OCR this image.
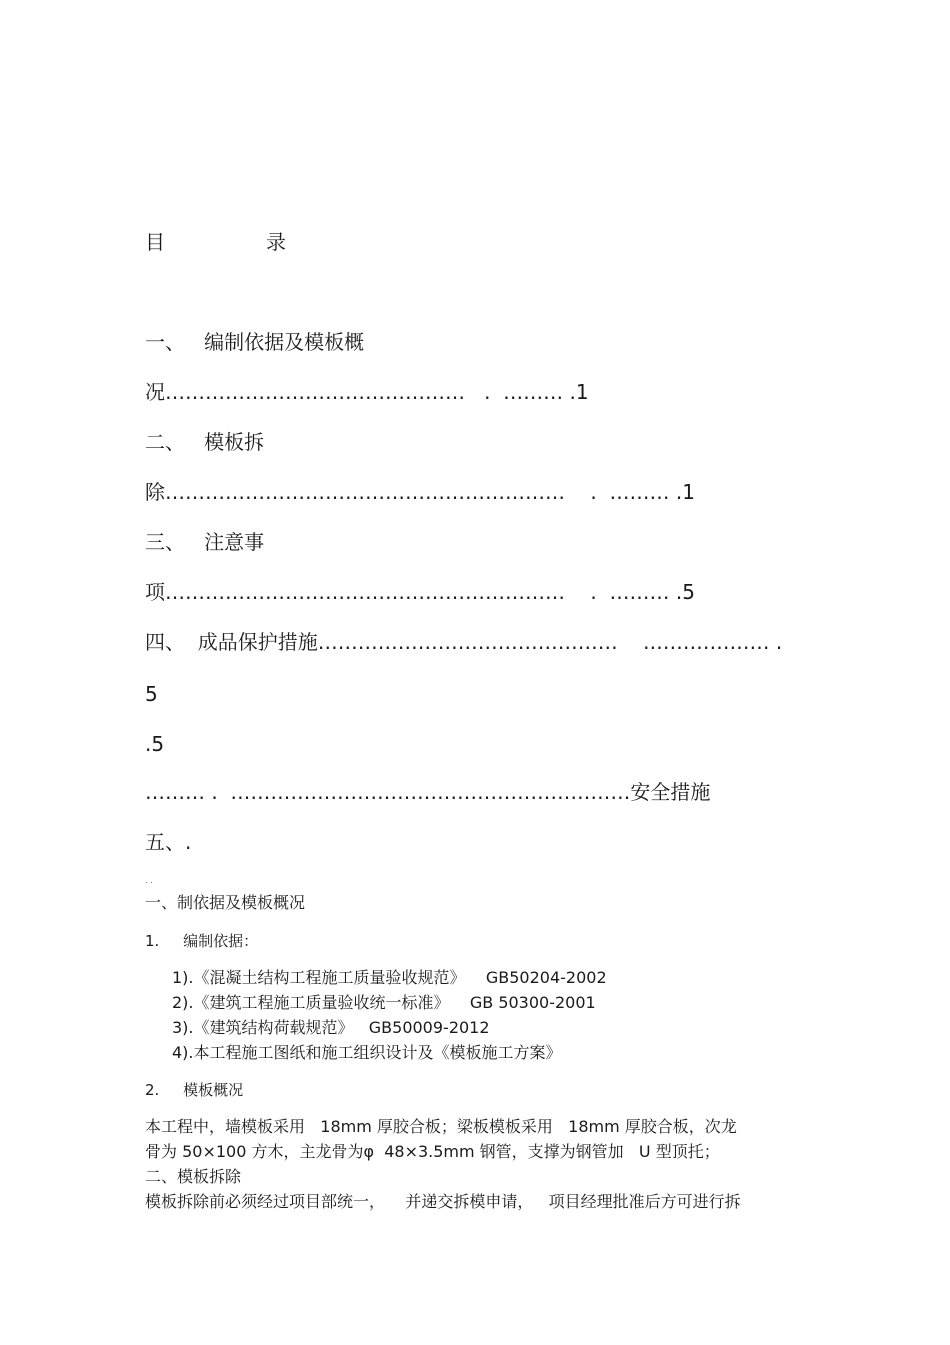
目	录
一、   编制依据及模板概
况………………………………………   .  ……… .1
二、   模板拆
除……………………………………………………    .  ……… .1
三、   注意事
项……………………………………………………    .  ……… .5
四、  成品保护措施………………………………………    .……………… .
5
.5
……… .  ……………………………………………………安全措施
五、.
. .
一、制依据及模板概况
1.     编制依据：
1).《混凝土结构工程施工质量验收规范》    GB50204-2002
2).《建筑工程施工质量验收统一标准》    GB 50300-2001
3).《建筑结构荷载规范》   GB50009-2012
4).本工程施工图纸和施工组织设计及《模板施工方案》
2.     模板概况
本工程中，墙模板采用   18mm 厚胶合板；梁板模板采用   18mm 厚胶合板，次龙
骨为 50×100 方木，主龙骨为φ  48×3.5mm 钢管，支撑为钢管加   U 型顶托；
二、模板拆除
模板拆除前必须经过项目部统一，    并递交拆模申请，   项目经理批准后方可进行拆
